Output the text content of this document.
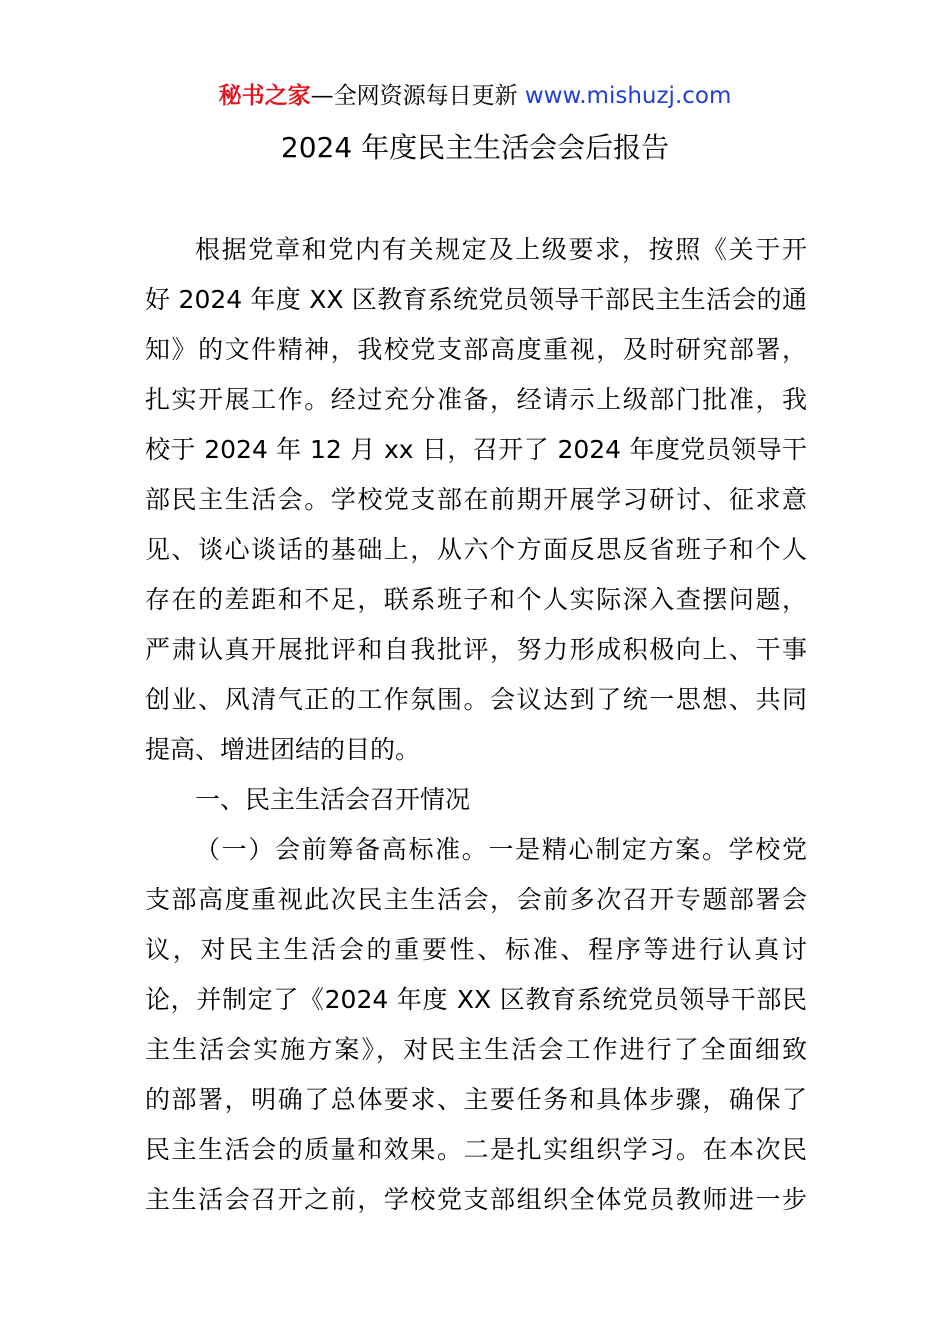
秘书之家—全网资源每日更新 www.mishuzj.com
2024 年度民主生活会会后报告
根据党章和党内有关规定及上级要求，按照《关于开
好 2024 年度 XX 区教育系统党员领导干部民主生活会的通
知》的文件精神，我校党支部高度重视，及时研究部署，
扎实开展工作。经过充分准备，经请示上级部门批准，我
校于 2024 年 12 月 xx 日，召开了 2024 年度党员领导干
部民主生活会。学校党支部在前期开展学习研讨、征求意
见、谈心谈话的基础上，从六个方面反思反省班子和个人
存在的差距和不足，联系班子和个人实际深入查摆问题，
严肃认真开展批评和自我批评，努力形成积极向上、干事
创业、风清气正的工作氛围。会议达到了统一思想、共同
提高、增进团结的目的。
一、民主生活会召开情况
（一）会前筹备高标准。一是精心制定方案。学校党
支部高度重视此次民主生活会，会前多次召开专题部署会
议，对民主生活会的重要性、标准、程序等进行认真讨
论，并制定了《2024 年度 XX 区教育系统党员领导干部民
主生活会实施方案》，对民主生活会工作进行了全面细致
的部署，明确了总体要求、主要任务和具体步骤，确保了
民主生活会的质量和效果。二是扎实组织学习。在本次民
主生活会召开之前，学校党支部组织全体党员教师进一步
